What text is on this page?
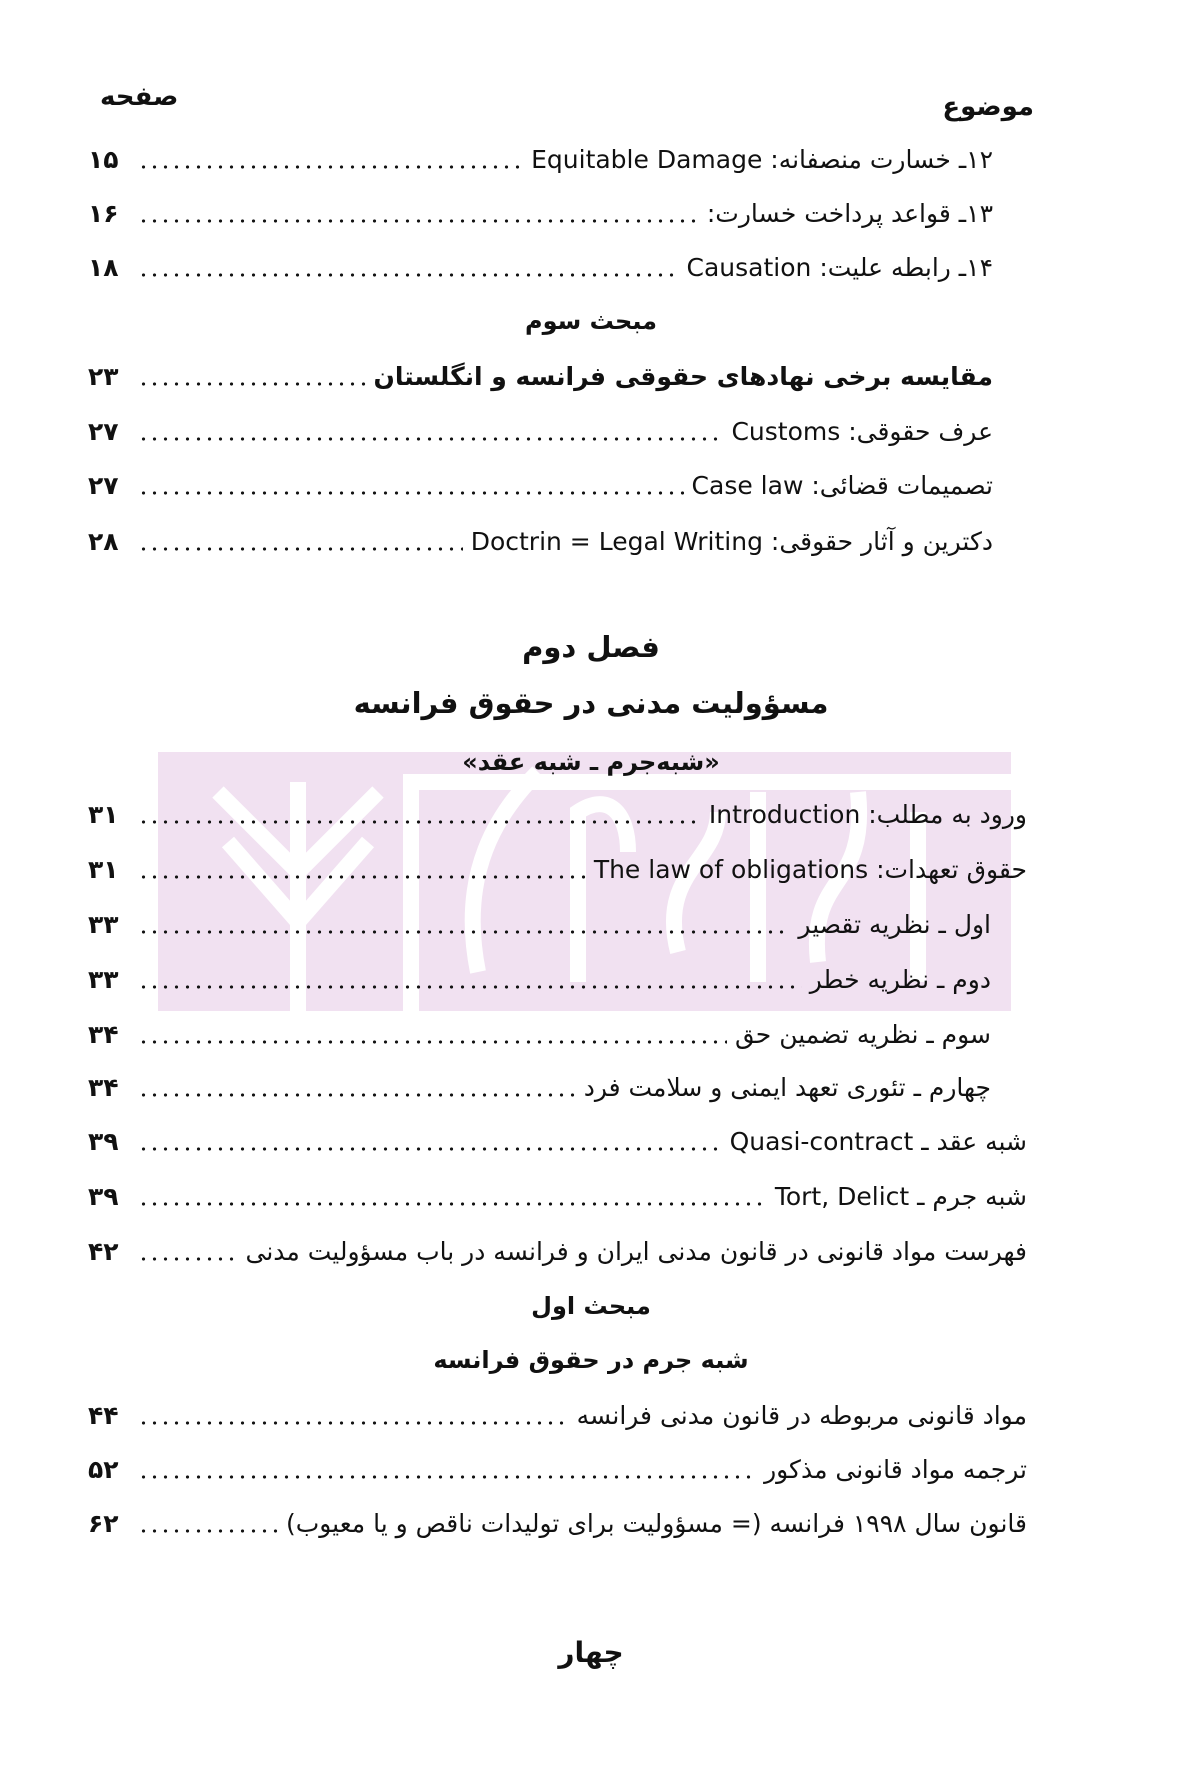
موضوع
صفحه
۱۲ـ خسارت منصفانه: Equitable Damage
۱۵
۱۳ـ قواعد پرداخت خسارت:
۱۶
۱۴ـ رابطه علیت: Causation
۱۸
مبحث سوم
مقایسه برخی نهادهای حقوقی فرانسه و انگلستان
۲۳
عرف حقوقی: Customs
۲۷
تصمیمات قضائی: Case law
۲۷
دکترین و آثار حقوقی: Doctrin = Legal Writing
۲۸
فصل دوم
مسؤولیت مدنی در حقوق فرانسه
«شبه‌جرم ـ شبه عقد»
ورود به مطلب: Introduction
۳۱
حقوق تعهدات: The law of obligations
۳۱
اول ـ نظریه تقصیر
۳۳
دوم ـ نظریه خطر
۳۳
سوم ـ نظریه تضمین حق
۳۴
چهارم ـ تئوری تعهد ایمنی و سلامت فرد
۳۴
شبه عقد ـ Quasi-contract
۳۹
شبه جرم ـ Tort, Delict
۳۹
فهرست مواد قانونی در قانون مدنی ایران و فرانسه در باب مسؤولیت مدنی
۴۲
مبحث اول
شبه جرم در حقوق فرانسه
مواد قانونی مربوطه در قانون مدنی فرانسه
۴۴
ترجمه مواد قانونی مذکور
۵۲
قانون سال ۱۹۹۸ فرانسه (= مسؤولیت برای تولیدات ناقص و یا معیوب)
۶۲
چهار
